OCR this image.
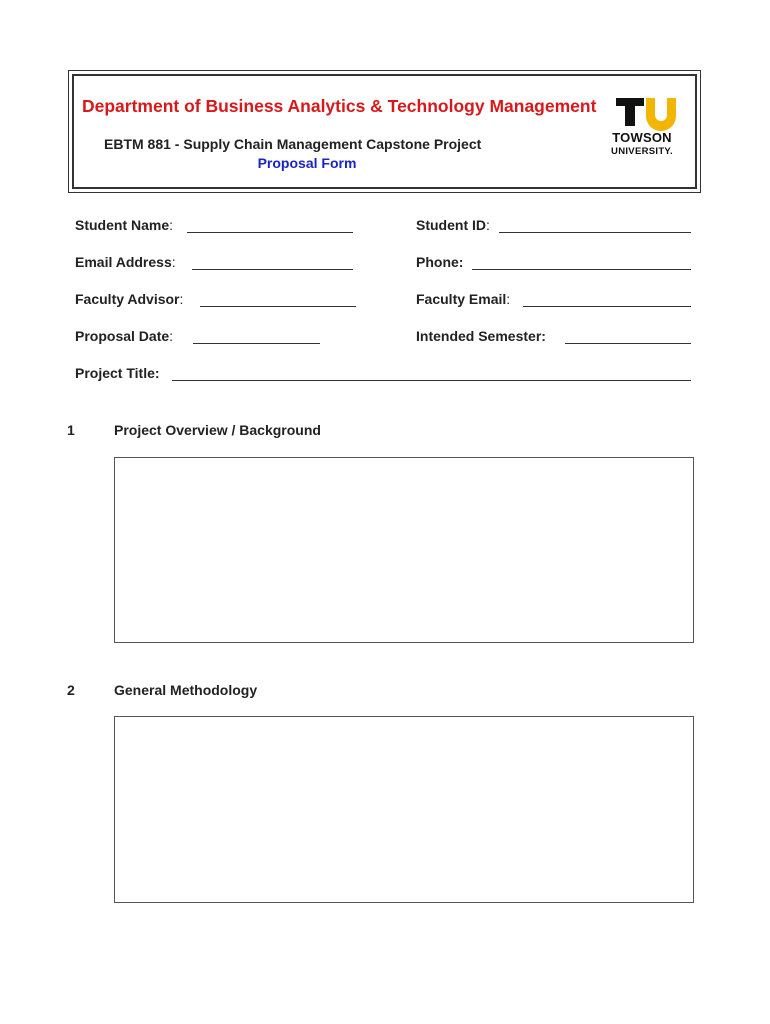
Department of Business Analytics & Technology Management
EBTM 881 - Supply Chain Management Capstone Project
Proposal Form
TOWSON
UNIVERSITY.
Student Name:	Student ID:
Email Address:	Phone:
Faculty Advisor:	Faculty Email:
Proposal Date:	Intended Semester:
Project Title:
1	Project Overview / Background
2	General Methodology
